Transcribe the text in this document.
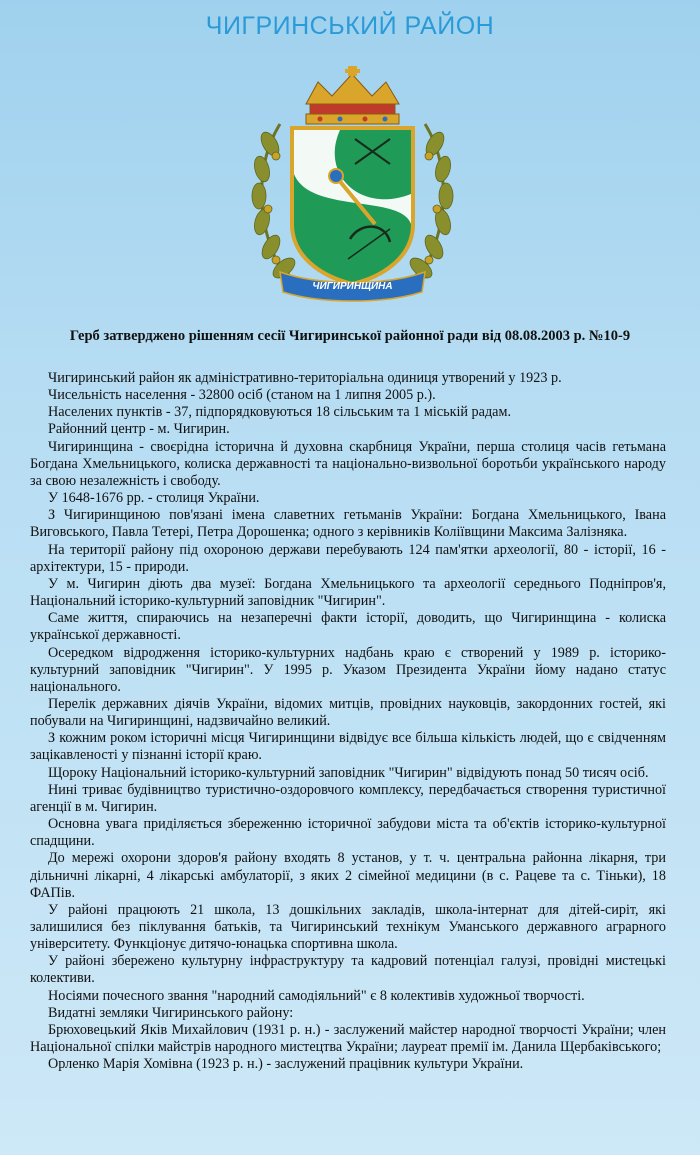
ЧИГРИНСЬКИЙ РАЙОН
ЧИГИРИНЩИНА
Герб затверджено рішенням сесії Чигиринської районної ради від 08.08.2003 р. №10-9

Чигиринський район як адміністративно-територіальна одиниця утворений у 1923 р.

Чисельність населення - 32800 осіб (станом на 1 липня 2005 р.).

Населених пунктів - 37, підпорядковуються 18 сільським та 1 міській радам.

Районний центр - м. Чигирин.

Чигиринщина - своєрідна історична й духовна скарбниця України, перша столиця часів гетьмана Богдана Хмельницького, колиска державності та національно-визвольної боротьби українського народу за свою незалежність і свободу.

У 1648-1676 рр. - столиця України.

З Чигиринщиною пов'язані імена славетних гетьманів України: Богдана Хмельницького, Івана Виговського, Павла Тетері, Петра Дорошенка; одного з керівників Коліївщини Максима Залізняка.

На території району під охороною держави перебувають 124 пам'ятки археології, 80 - історії, 16 - архітектури, 15 - природи.

У м. Чигирин діють два музеї: Богдана Хмельницького та археології середнього Подніпров'я, Національний історико-культурний заповідник "Чигирин".

Саме життя, спираючись на незаперечні факти історії, доводить, що Чигиринщина - колиска української державності.

Осередком відродження історико-культурних надбань краю є створений у 1989 р. історико-культурний заповідник "Чигирин". У 1995 р. Указом Президента України йому надано статус національного.

Перелік державних діячів України, відомих митців, провідних науковців, закордонних гостей, які побували на Чигиринщині, надзвичайно великий.

З кожним роком історичні місця Чигиринщини відвідує все більша кількість людей, що є свідченням зацікавленості у пізнанні історії краю.

Щороку Національний історико-культурний заповідник "Чигирин" відвідують понад 50 тисяч осіб.

Нині триває будівництво туристично-оздоровчого комплексу, передбачається створення туристичної агенції в м. Чигирин.

Основна увага приділяється збереженню історичної забудови міста та об'єктів історико-культурної спадщини.

До мережі охорони здоров'я району входять 8 установ, у т. ч. центральна районна лікарня, три дільничні лікарні, 4 лікарські амбулаторії, з яких 2 сімейної медицини (в с. Рацеве та с. Тіньки), 18 ФАПів.

У районі працюють 21 школа, 13 дошкільних закладів, школа-інтернат для дітей-сиріт, які залишилися без піклування батьків, та Чигиринський технікум Уманського державного аграрного університету. Функціонує дитячо-юнацька спортивна школа.

У районі збережено культурну інфраструктуру та кадровий потенціал галузі, провідні мистецькі колективи.

Носіями почесного звання "народний самодіяльний" є 8 колективів художньої творчості.

Видатні земляки Чигиринського району:

Брюховецький Яків Михайлович (1931 р. н.) - заслужений майстер народної творчості України; член Національної спілки майстрів народного мистецтва України; лауреат премії ім. Данила Щербаківського;

Орленко Марія Хомівна (1923 р. н.) - заслужений працівник культури України.
